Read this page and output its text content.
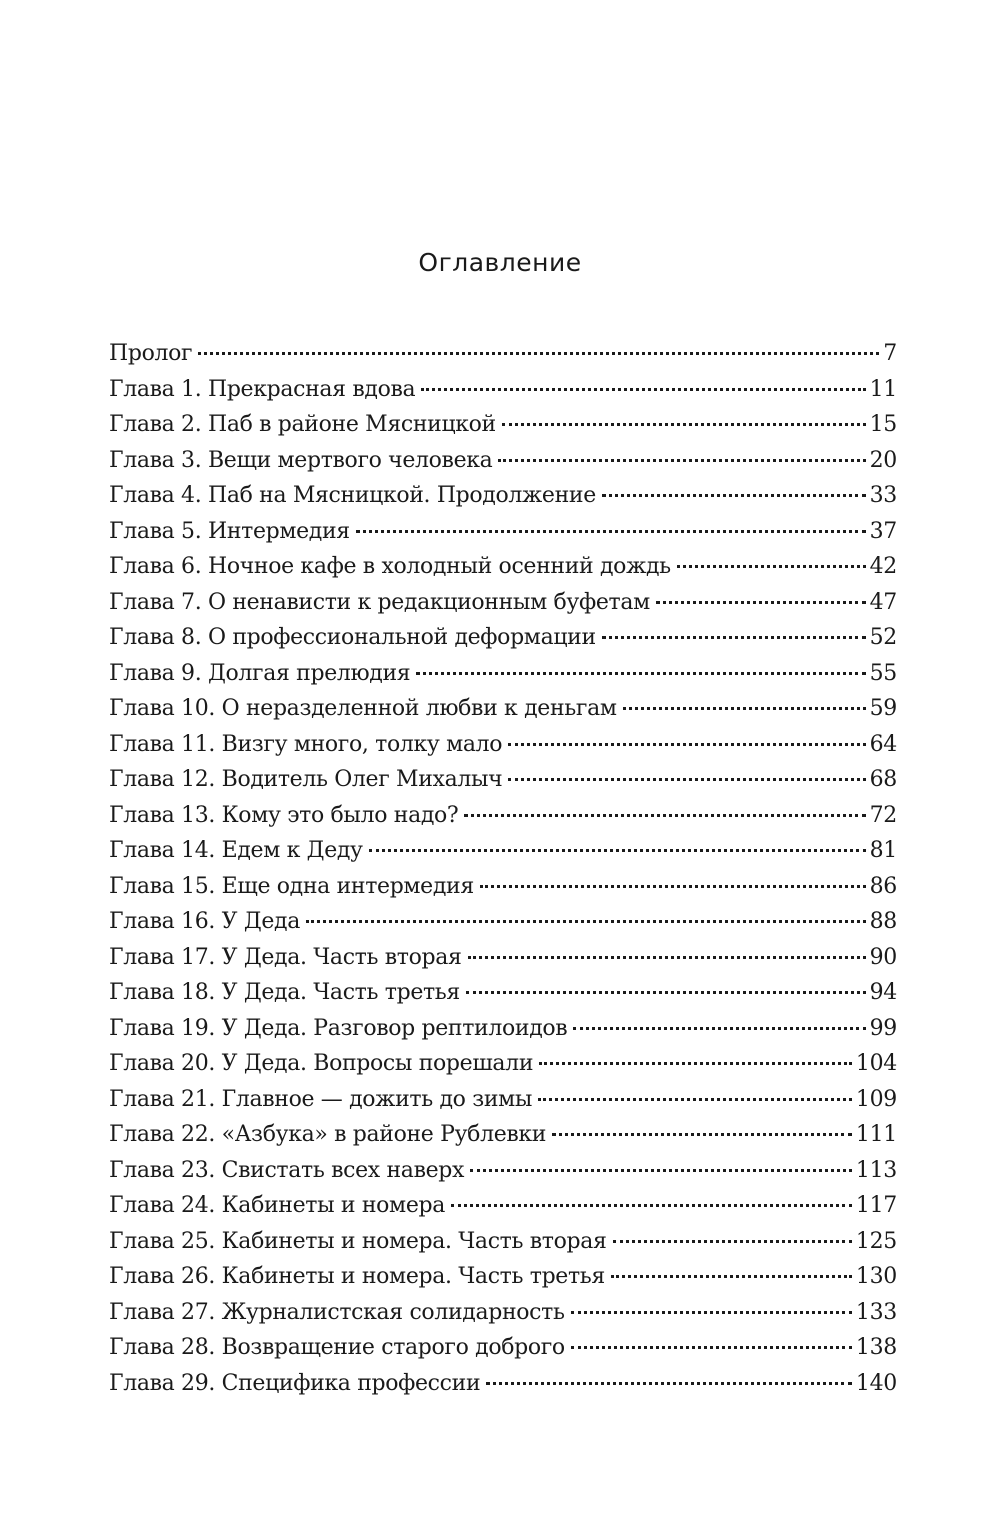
Оглавление
Пролог	7
Глава 1. Прекрасная вдова	11
Глава 2. Паб в районе Мясницкой	15
Глава 3. Вещи мертвого человека	20
Глава 4. Паб на Мясницкой. Продолжение	33
Глава 5. Интермедия	37
Глава 6. Ночное кафе в холодный осенний дождь	42
Глава 7. О ненависти к редакционным буфетам	47
Глава 8. О профессиональной деформации	52
Глава 9. Долгая прелюдия	55
Глава 10. О неразделенной любви к деньгам	59
Глава 11. Визгу много, толку мало	64
Глава 12. Водитель Олег Михалыч	68
Глава 13. Кому это было надо?	72
Глава 14. Едем к Деду	81
Глава 15. Еще одна интермедия	86
Глава 16. У Деда	88
Глава 17. У Деда. Часть вторая	90
Глава 18. У Деда. Часть третья	94
Глава 19. У Деда. Разговор рептилоидов	99
Глава 20. У Деда. Вопросы порешали	104
Глава 21. Главное — дожить до зимы	109
Глава 22. «Азбука» в районе Рублевки	111
Глава 23. Свистать всех наверх	113
Глава 24. Кабинеты и номера	117
Глава 25. Кабинеты и номера. Часть вторая	125
Глава 26. Кабинеты и номера. Часть третья	130
Глава 27. Журналистская солидарность	133
Глава 28. Возвращение старого доброго	138
Глава 29. Специфика профессии	140
